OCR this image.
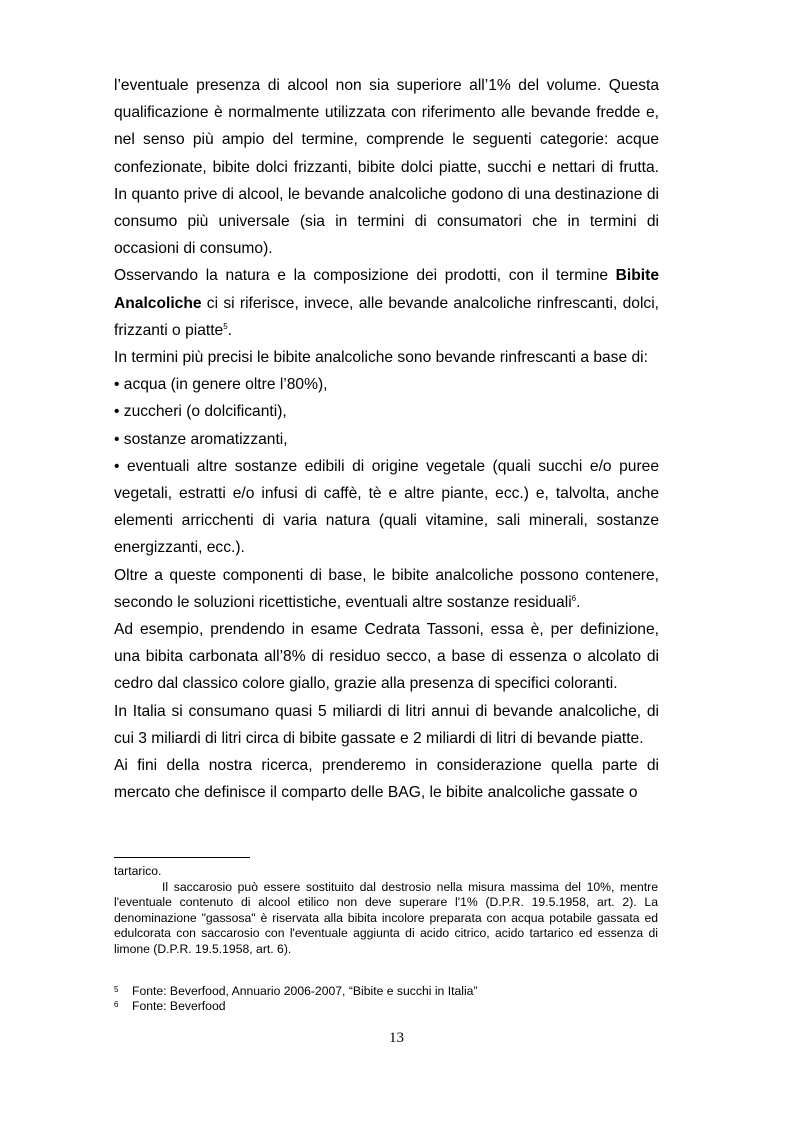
l’eventuale presenza di alcool non sia superiore all’1% del volume. Questa qualificazione è normalmente utilizzata con riferimento alle bevande fredde e, nel senso più ampio del termine, comprende le seguenti categorie: acque confezionate, bibite dolci frizzanti, bibite dolci piatte, succhi e nettari di frutta. In quanto prive di alcool, le bevande analcoliche godono di una destinazione di consumo più universale (sia in termini di consumatori che in termini di occasioni di consumo).

Osservando la natura e la composizione dei prodotti, con il termine Bibite Analcoliche ci si riferisce, invece, alle bevande analcoliche rinfrescanti, dolci, frizzanti o piatte$^5$.

In termini più precisi le bibite analcoliche sono bevande rinfrescanti a base di:

• acqua (in genere oltre l’80%),

• zuccheri (o dolcificanti),

• sostanze aromatizzanti,

• eventuali altre sostanze edibili di origine vegetale (quali succhi e/o puree vegetali, estratti e/o infusi di caffè, tè e altre piante, ecc.) e, talvolta, anche elementi arricchenti di varia natura (quali vitamine, sali minerali, sostanze energizzanti, ecc.).

Oltre a queste componenti di base, le bibite analcoliche possono contenere, secondo le soluzioni ricettistiche, eventuali altre sostanze residuali$^6$.

Ad esempio, prendendo in esame Cedrata Tassoni, essa è, per definizione, una bibita carbonata all’8% di residuo secco, a base di essenza o alcolato di cedro dal classico colore giallo, grazie alla presenza di specifici coloranti.

In Italia si consumano quasi 5 miliardi di litri annui di bevande analcoliche, di cui 3 miliardi di litri circa di bibite gassate e 2 miliardi di litri di bevande piatte.

Ai fini della nostra ricerca, prenderemo in considerazione quella parte di mercato che definisce il comparto delle BAG, le bibite analcoliche gassate o

tartarico.

Il saccarosio può essere sostituito dal destrosio nella misura massima del 10%, mentre l'eventuale contenuto di alcool etilico non deve superare l'1% (D.P.R. 19.5.1958, art. 2). La denominazione "gassosa" è riservata alla bibita incolore preparata con acqua potabile gassata ed edulcorata con saccarosio con l'eventuale aggiunta di acido citrico, acido tartarico ed essenza di limone (D.P.R. 19.5.1958, art. 6).

5	Fonte: Beverfood, Annuario 2006-2007, “Bibite e succhi in Italia”
6	Fonte: Beverfood
13
